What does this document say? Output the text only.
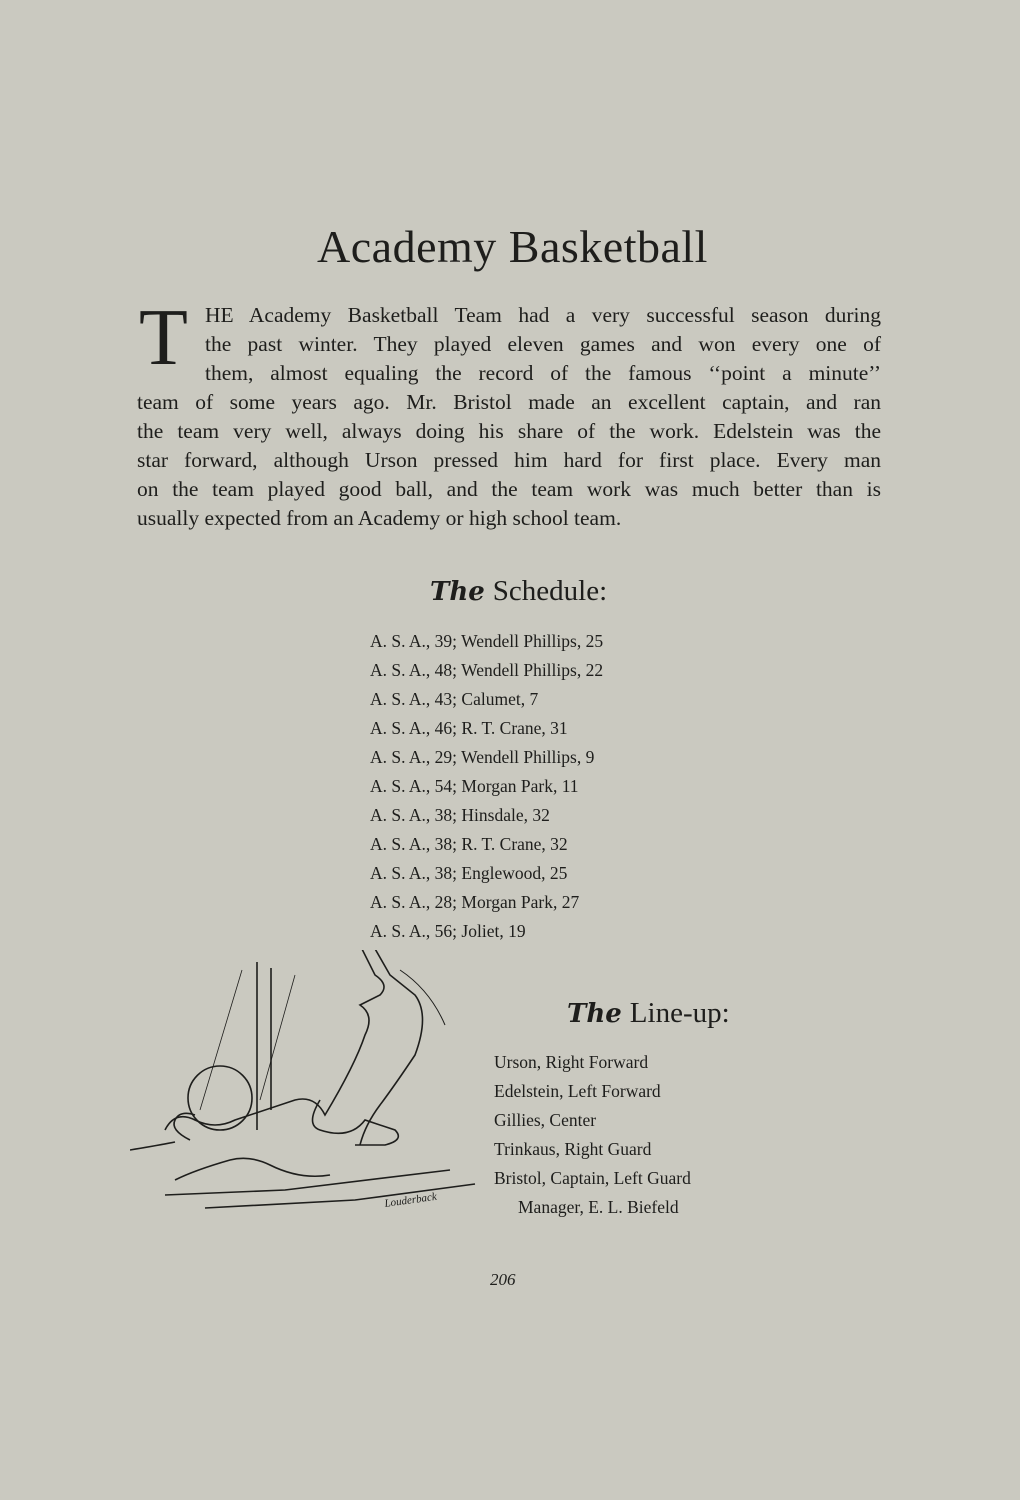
Academy Basketball
T HE Academy Basketball Team had a very successful season during
the past winter. They played eleven games and won every one of
them, almost equaling the record of the famous ‘‘point a minute’’
team of some years ago. Mr. Bristol made an excellent captain, and ran
the team very well, always doing his share of the work. Edelstein was the
star forward, although Urson pressed him hard for first place. Every man
on the team played good ball, and the team work was much better than is
usually expected from an Academy or high school team.
The Schedule:
A. S. A., 39; Wendell Phillips, 25
A. S. A., 48; Wendell Phillips, 22
A. S. A., 43; Calumet, 7
A. S. A., 46; R. T. Crane, 31
A. S. A., 29; Wendell Phillips, 9
A. S. A., 54; Morgan Park, 11
A. S. A., 38; Hinsdale, 32
A. S. A., 38; R. T. Crane, 32
A. S. A., 38; Englewood, 25
A. S. A., 28; Morgan Park, 27
A. S. A., 56; Joliet, 19
Louderback
The Line-up:
Urson, Right Forward
Edelstein, Left Forward
Gillies, Center
Trinkaus, Right Guard
Bristol, Captain, Left Guard
Manager, E. L. Biefeld
206
